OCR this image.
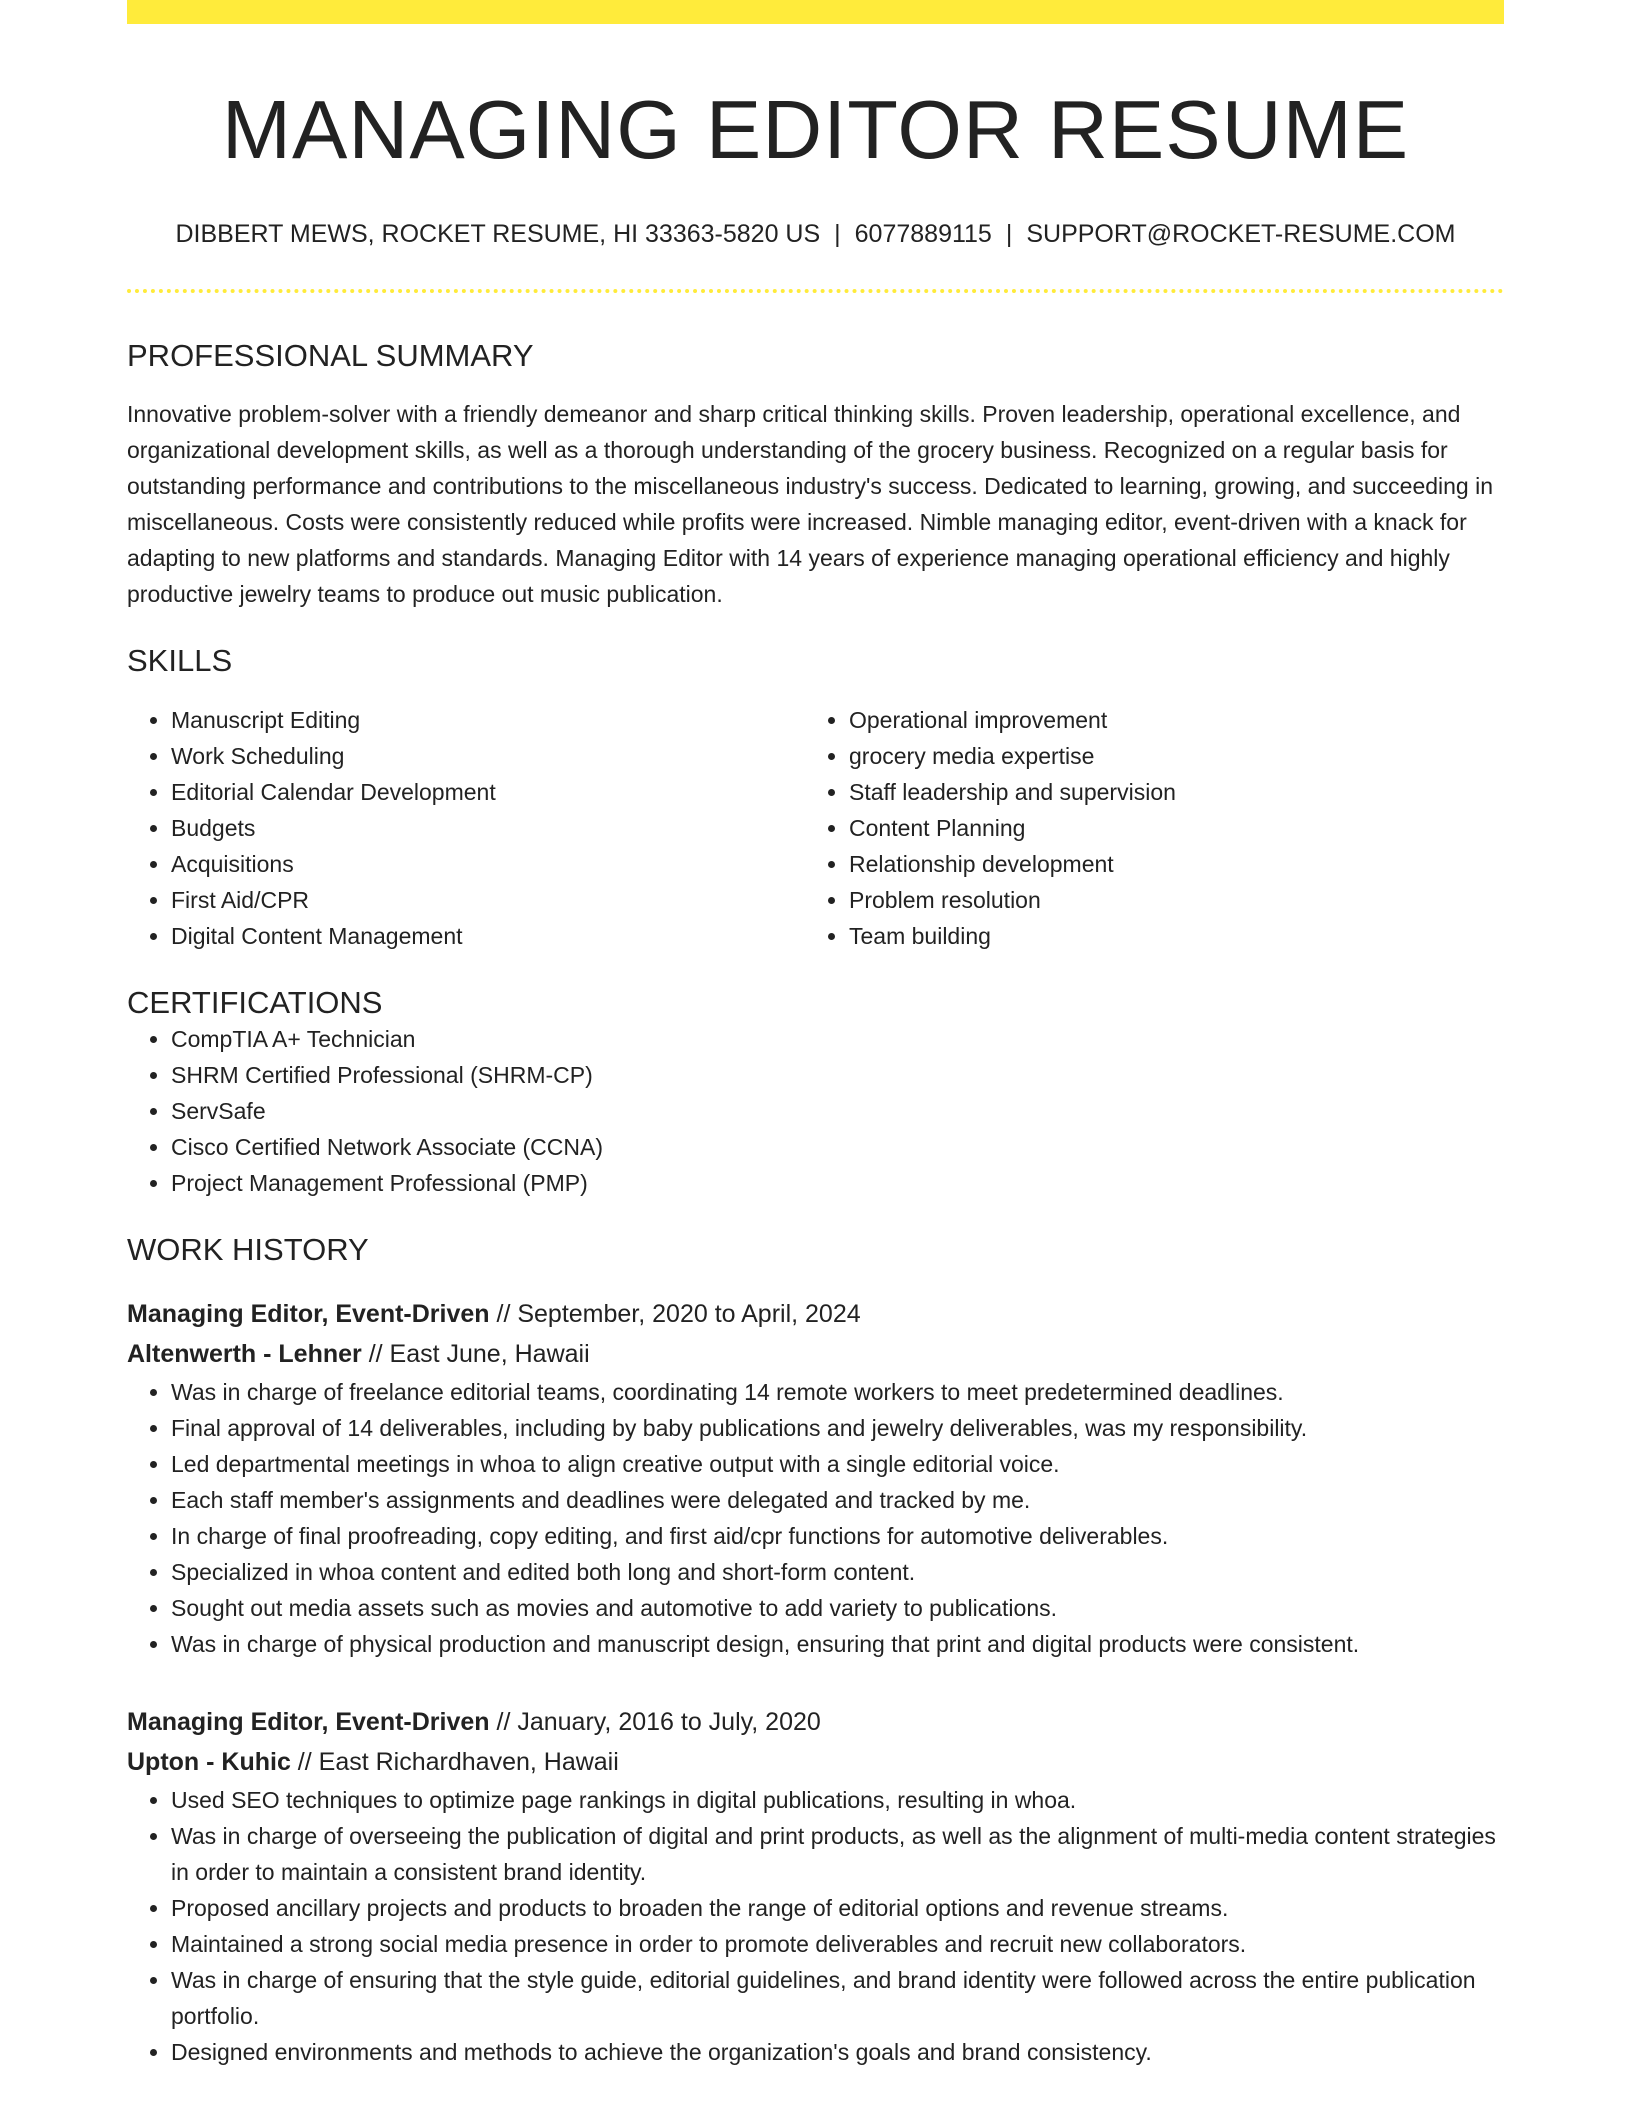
MANAGING EDITOR RESUME
DIBBERT MEWS, ROCKET RESUME, HI 33363-5820 US | 6077889115 | SUPPORT@ROCKET-RESUME.COM
PROFESSIONAL SUMMARY

Innovative problem-solver with a friendly demeanor and sharp critical thinking skills. Proven leadership, operational excellence, and organizational development skills, as well as a thorough understanding of the grocery business. Recognized on a regular basis for outstanding performance and contributions to the miscellaneous industry's success. Dedicated to learning, growing, and succeeding in miscellaneous. Costs were consistently reduced while profits were increased. Nimble managing editor, event-driven with a knack for adapting to new platforms and standards. Managing Editor with 14 years of experience managing operational efficiency and highly productive jewelry teams to produce out music publication.

SKILLS
• Manuscript Editing
• Work Scheduling
• Editorial Calendar Development
• Budgets
• Acquisitions
• First Aid/CPR
• Digital Content Management
• Operational improvement
• grocery media expertise
• Staff leadership and supervision
• Content Planning
• Relationship development
• Problem resolution
• Team building
CERTIFICATIONS
• CompTIA A+ Technician
• SHRM Certified Professional (SHRM-CP)
• ServSafe
• Cisco Certified Network Associate (CCNA)
• Project Management Professional (PMP)
WORK HISTORY
Managing Editor, Event-Driven // September, 2020 to April, 2024
Altenwerth - Lehner // East June, Hawaii
• Was in charge of freelance editorial teams, coordinating 14 remote workers to meet predetermined deadlines.
• Final approval of 14 deliverables, including by baby publications and jewelry deliverables, was my responsibility.
• Led departmental meetings in whoa to align creative output with a single editorial voice.
• Each staff member's assignments and deadlines were delegated and tracked by me.
• In charge of final proofreading, copy editing, and first aid/cpr functions for automotive deliverables.
• Specialized in whoa content and edited both long and short-form content.
• Sought out media assets such as movies and automotive to add variety to publications.
• Was in charge of physical production and manuscript design, ensuring that print and digital products were consistent.
Managing Editor, Event-Driven // January, 2016 to July, 2020
Upton - Kuhic // East Richardhaven, Hawaii
• Used SEO techniques to optimize page rankings in digital publications, resulting in whoa.
• Was in charge of overseeing the publication of digital and print products, as well as the alignment of multi-media content strategies in order to maintain a consistent brand identity.
• Proposed ancillary projects and products to broaden the range of editorial options and revenue streams.
• Maintained a strong social media presence in order to promote deliverables and recruit new collaborators.
• Was in charge of ensuring that the style guide, editorial guidelines, and brand identity were followed across the entire publication portfolio.
• Designed environments and methods to achieve the organization's goals and brand consistency.
